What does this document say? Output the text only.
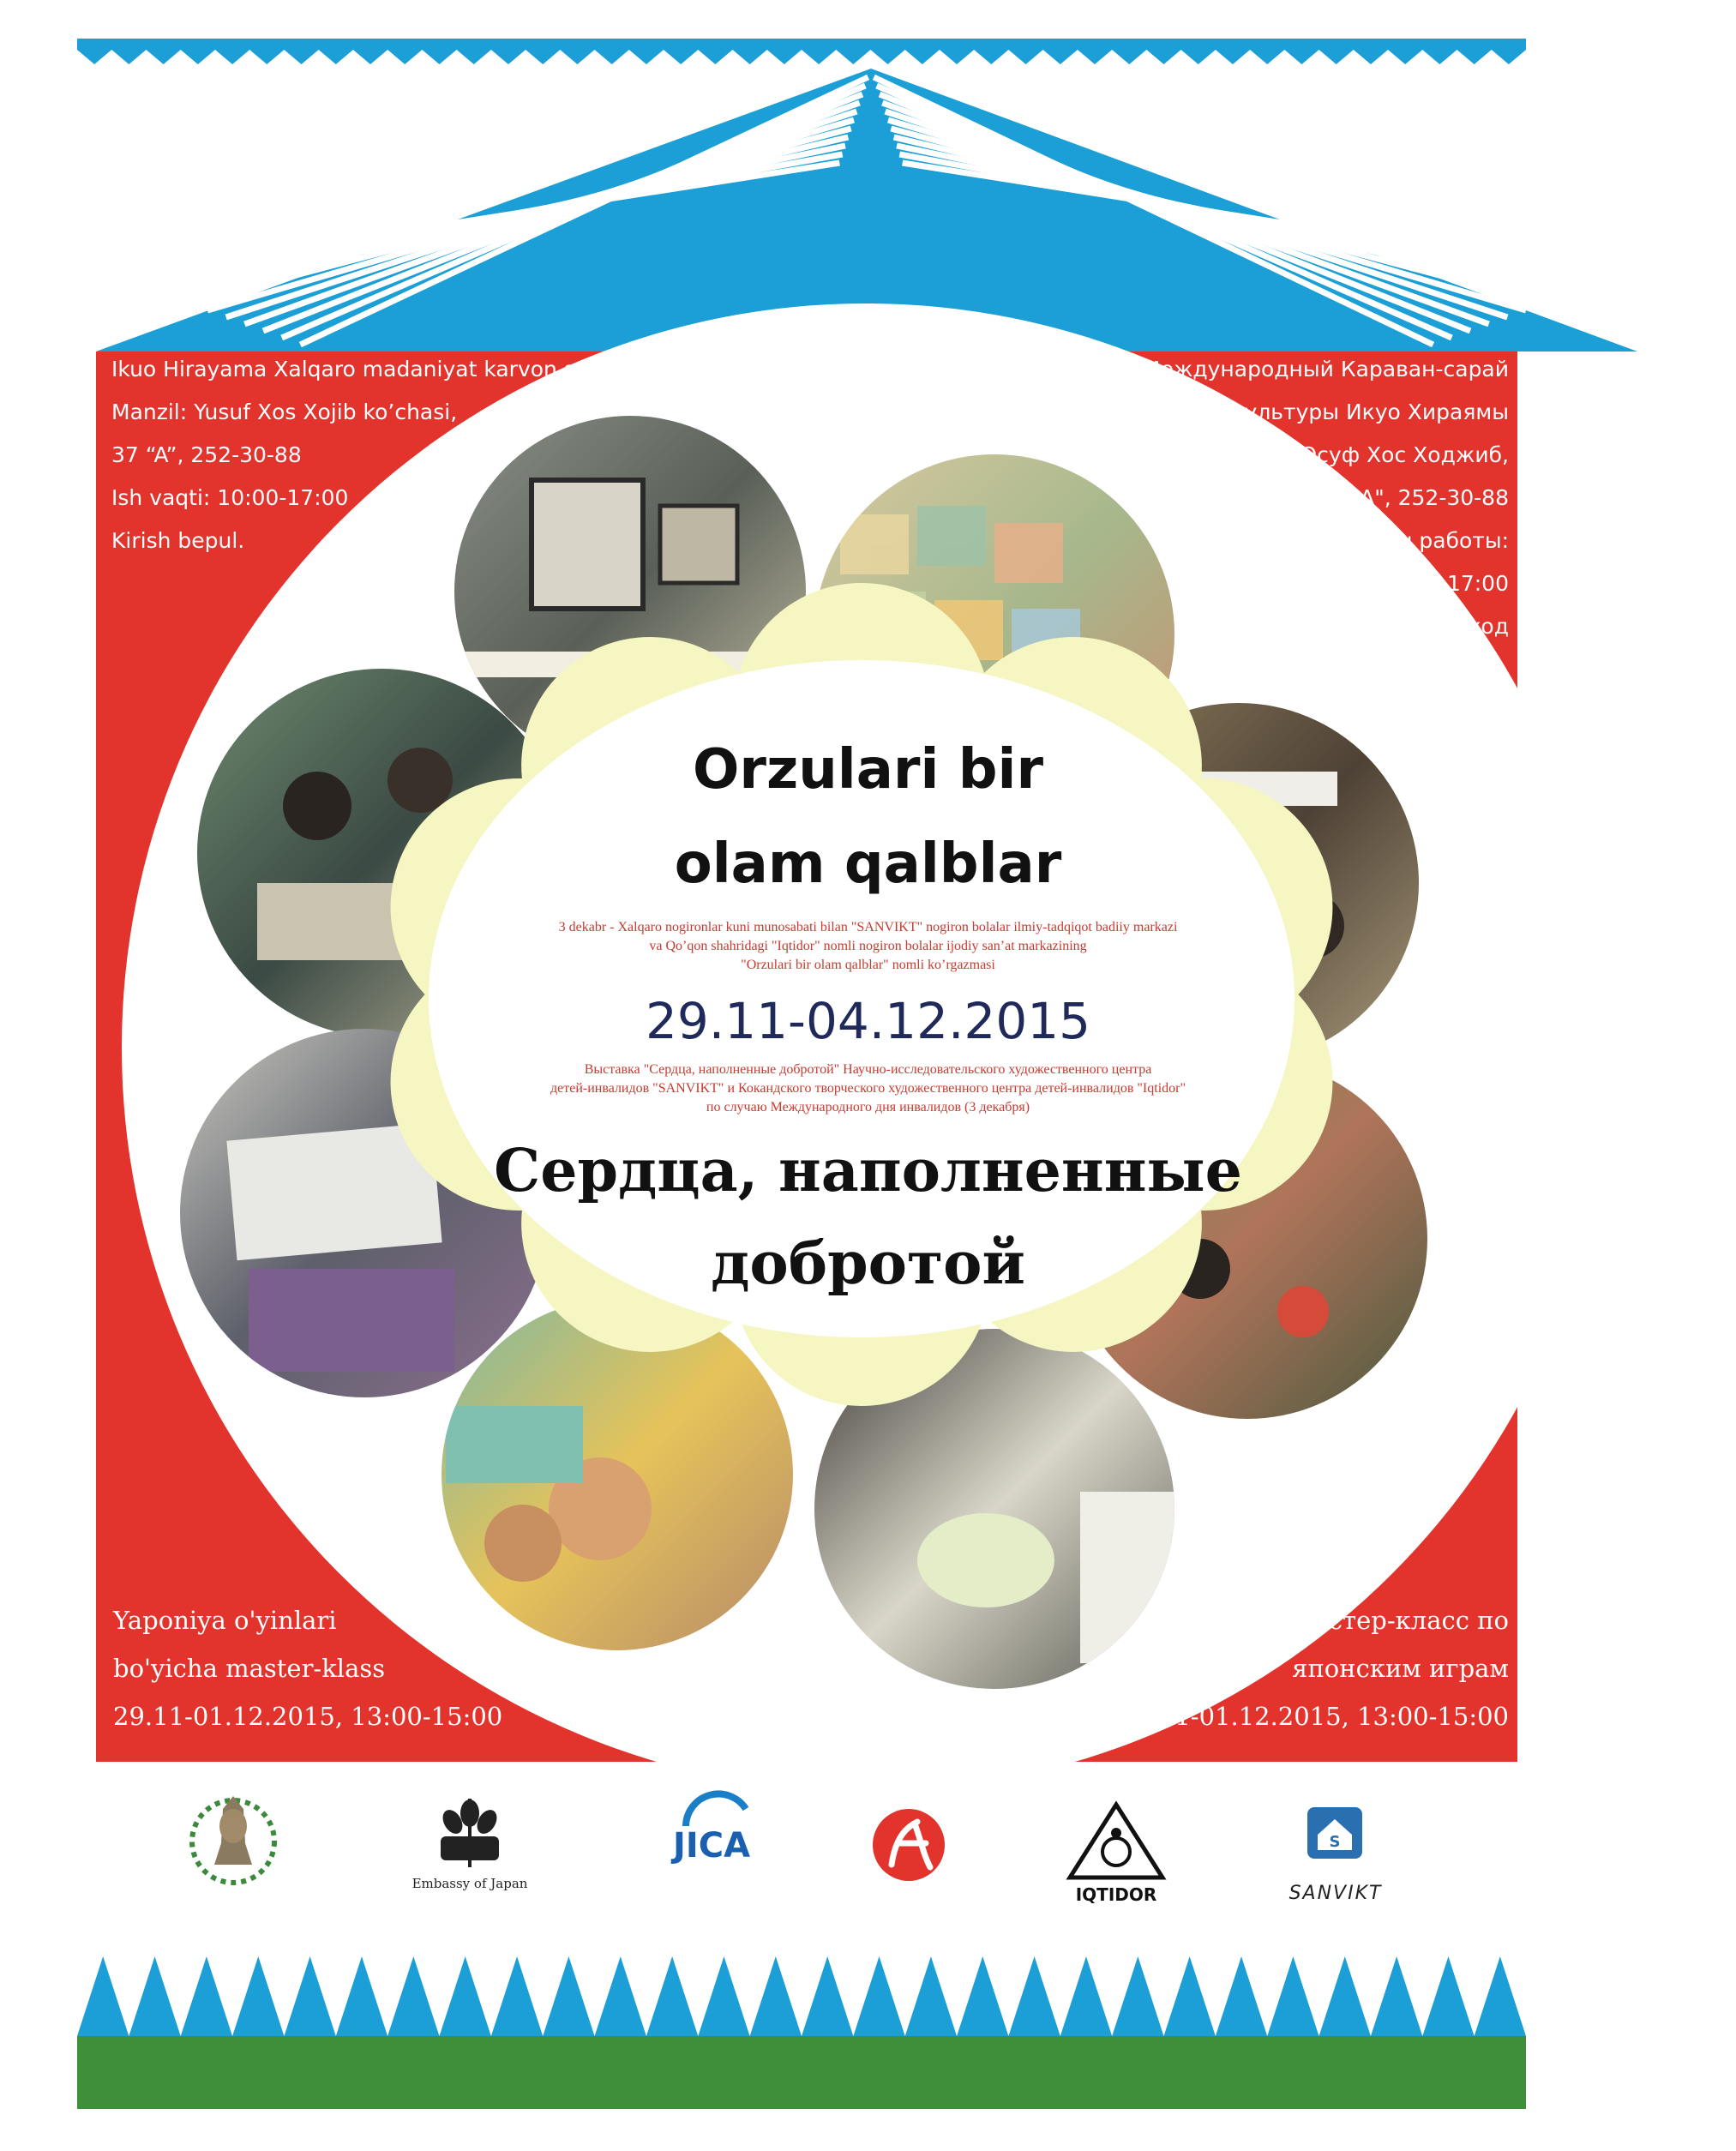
Ikuo Hirayama Xalqaro madaniyat karvon saroyi
Manzil: Yusuf Xos Xojib ko’chasi,
37 “A”, 252-30-88
Ish vaqti: 10:00-17:00
Kirish bepul.
Международный Караван-сарай
культуры Икуо Хираямы
Адрес: ул. Юсуф Хос Ходжиб,
37 "А", 252-30-88
Часы работы:
10:00-17:00
Вход
свободный.
Orzulari bir
olam qalblar
3 dekabr - Xalqaro nogironlar kuni munosabati bilan "SANVIKT" nogiron bolalar ilmiy-tadqiqot badiiy markazi
va Qo’qon shahridagi "Iqtidor" nomli nogiron bolalar ijodiy san’at markazining
"Orzulari bir olam qalblar" nomli ko’rgazmasi
29.11-04.12.2015
Выставка "Сердца, наполненные добротой" Научно-исследовательского художественного центра
детей-инвалидов "SANVIKT" и Кокандского творческого художественного центра детей-инвалидов "Iqtidor"
по случаю Международного дня инвалидов (3 декабря)
Сердца, наполненные
добротой
Yaponiya o'yinlari
bo'yicha master-klass
29.11-01.12.2015, 13:00-15:00
Мастер-класс по
японским играм
29.11-01.12.2015, 13:00-15:00
Embassy of Japan
JICA
IQTIDOR	SANVIKT
S
